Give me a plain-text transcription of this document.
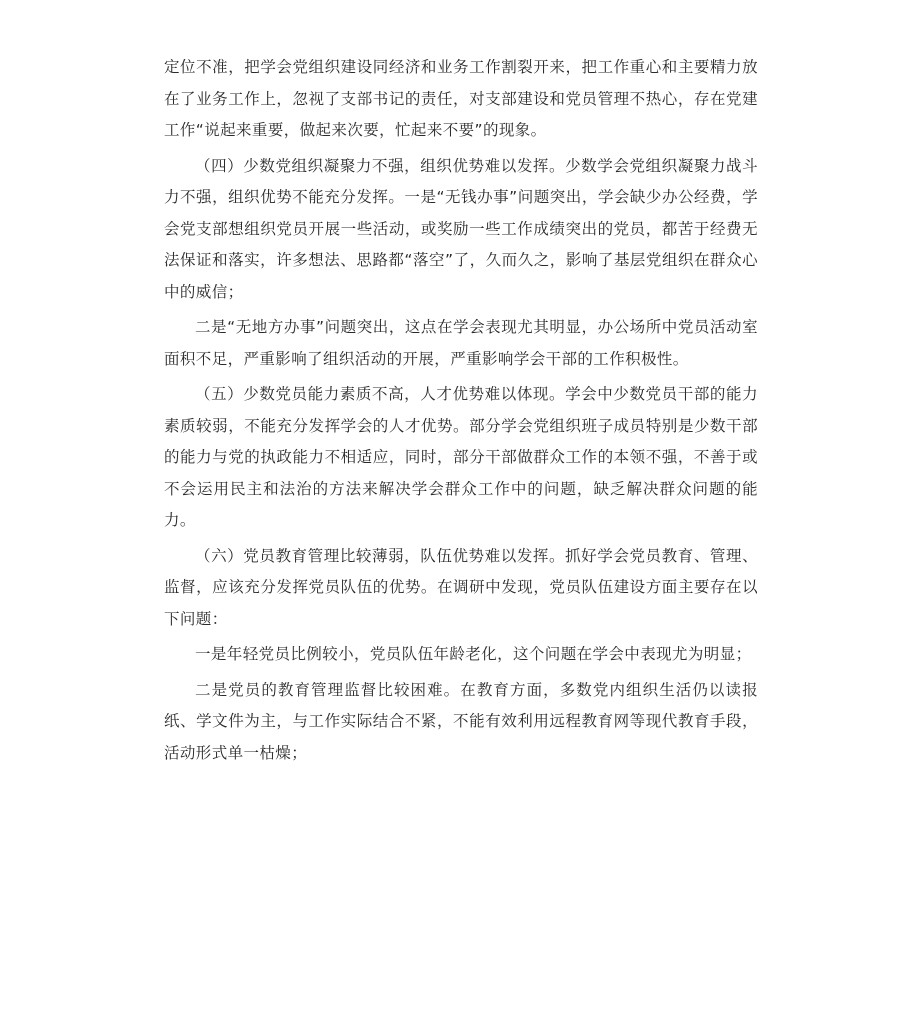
定位不准，把学会党组织建设同经济和业务工作割裂开来，把工作重心和主要精力放在了业务工作上，忽视了支部书记的责任，对支部建设和党员管理不热心，存在党建工作“说起来重要，做起来次要，忙起来不要”的现象。

（四）少数党组织凝聚力不强，组织优势难以发挥。少数学会党组织凝聚力战斗力不强，组织优势不能充分发挥。一是“无钱办事”问题突出，学会缺少办公经费，学会党支部想组织党员开展一些活动，或奖励一些工作成绩突出的党员，都苦于经费无法保证和落实，许多想法、思路都“落空”了，久而久之，影响了基层党组织在群众心中的威信；

二是“无地方办事”问题突出，这点在学会表现尤其明显，办公场所中党员活动室面积不足，严重影响了组织活动的开展，严重影响学会干部的工作积极性。

（五）少数党员能力素质不高，人才优势难以体现。学会中少数党员干部的能力素质较弱，不能充分发挥学会的人才优势。部分学会党组织班子成员特别是少数干部的能力与党的执政能力不相适应，同时，部分干部做群众工作的本领不强，不善于或不会运用民主和法治的方法来解决学会群众工作中的问题，缺乏解决群众问题的能力。

（六）党员教育管理比较薄弱，队伍优势难以发挥。抓好学会党员教育、管理、监督，应该充分发挥党员队伍的优势。在调研中发现，党员队伍建设方面主要存在以下问题：

一是年轻党员比例较小，党员队伍年龄老化，这个问题在学会中表现尤为明显；

二是党员的教育管理监督比较困难。在教育方面，多数党内组织生活仍以读报纸、学文件为主，与工作实际结合不紧，不能有效利用远程教育网等现代教育手段，活动形式单一枯燥；
